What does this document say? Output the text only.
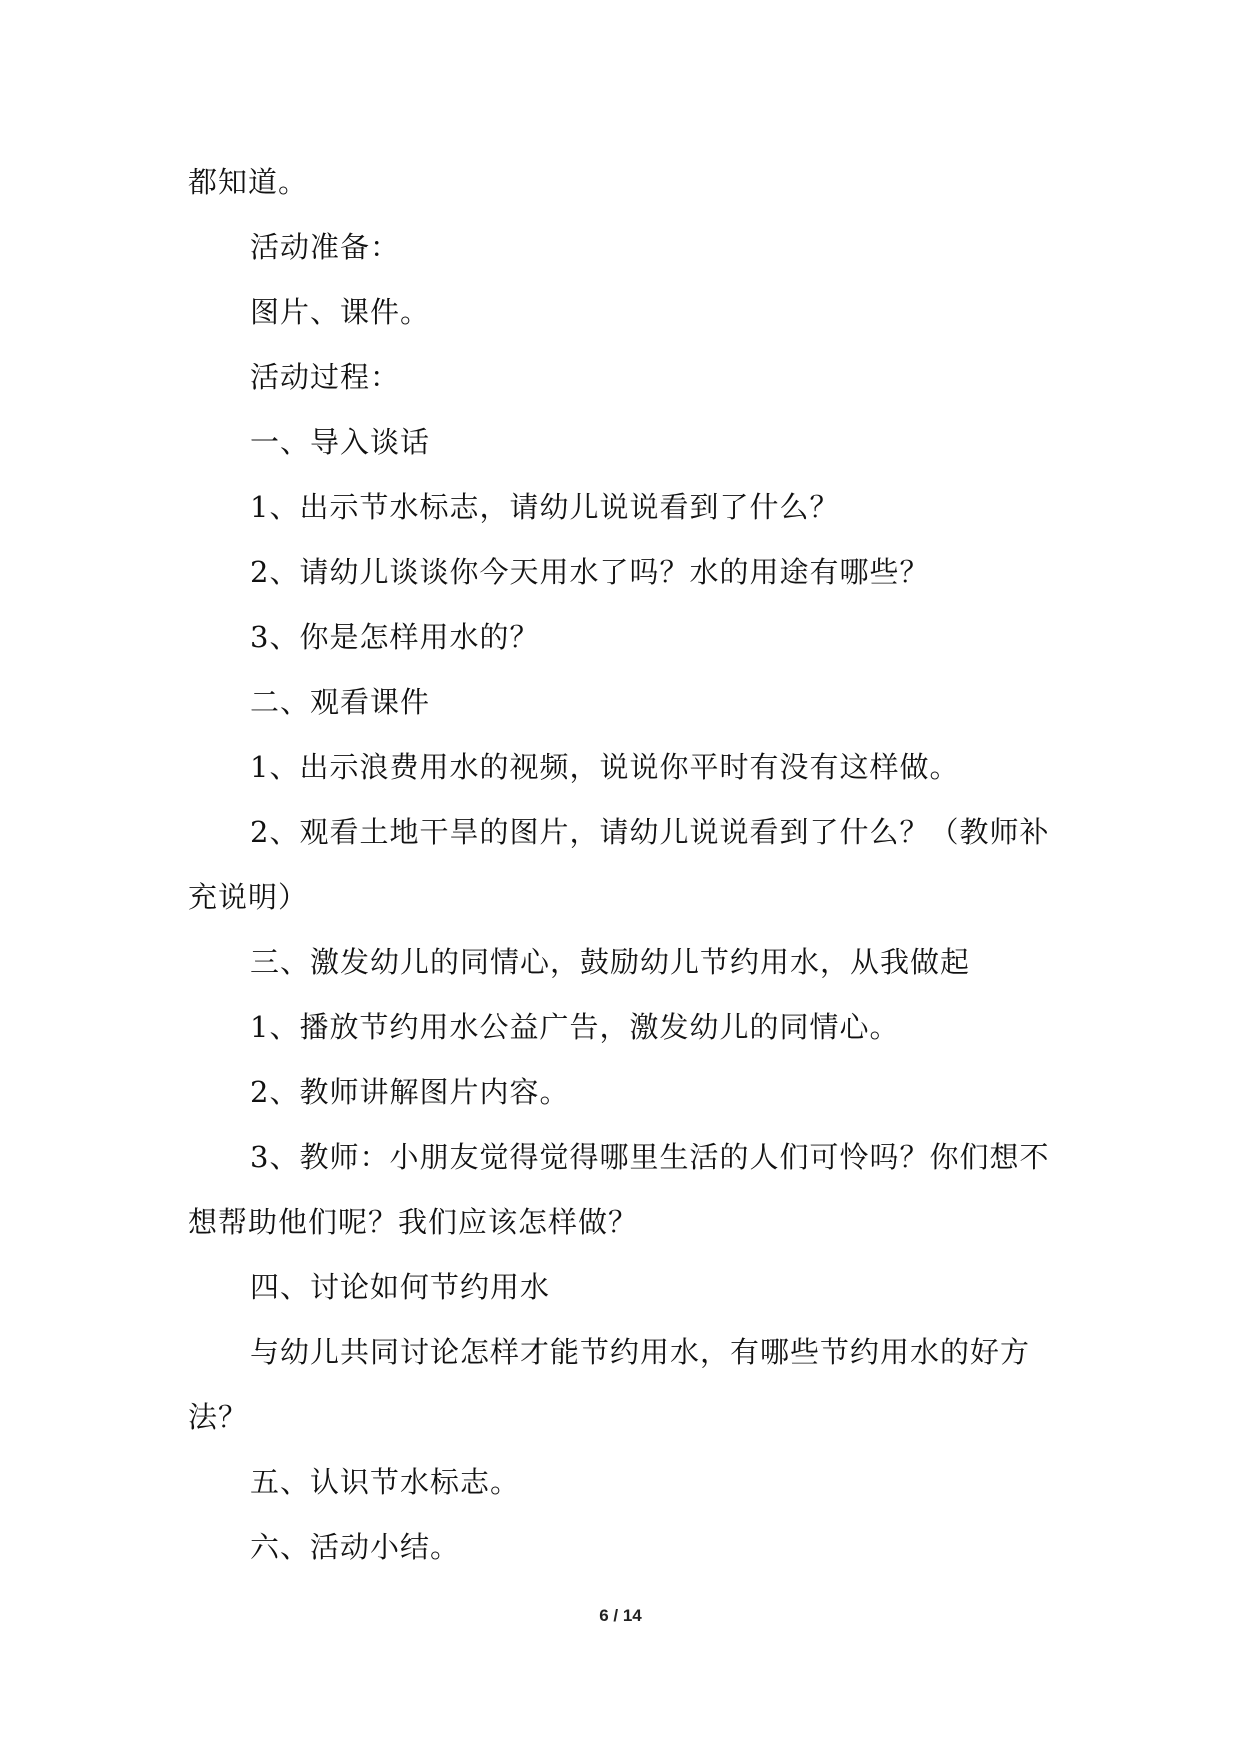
都知道。

活动准备：

图片、课件。

活动过程：

一、导入谈话

1、出示节水标志，请幼儿说说看到了什么？

2、请幼儿谈谈你今天用水了吗？水的用途有哪些？

3、你是怎样用水的？

二、观看课件

1、出示浪费用水的视频，说说你平时有没有这样做。

2、观看土地干旱的图片，请幼儿说说看到了什么？（教师补充说明）

三、激发幼儿的同情心，鼓励幼儿节约用水，从我做起

1、播放节约用水公益广告，激发幼儿的同情心。

2、教师讲解图片内容。

3、教师：小朋友觉得觉得哪里生活的人们可怜吗？你们想不想帮助他们呢？我们应该怎样做？

四、讨论如何节约用水

与幼儿共同讨论怎样才能节约用水，有哪些节约用水的好方法？

五、认识节水标志。

六、活动小结。

6 / 14
